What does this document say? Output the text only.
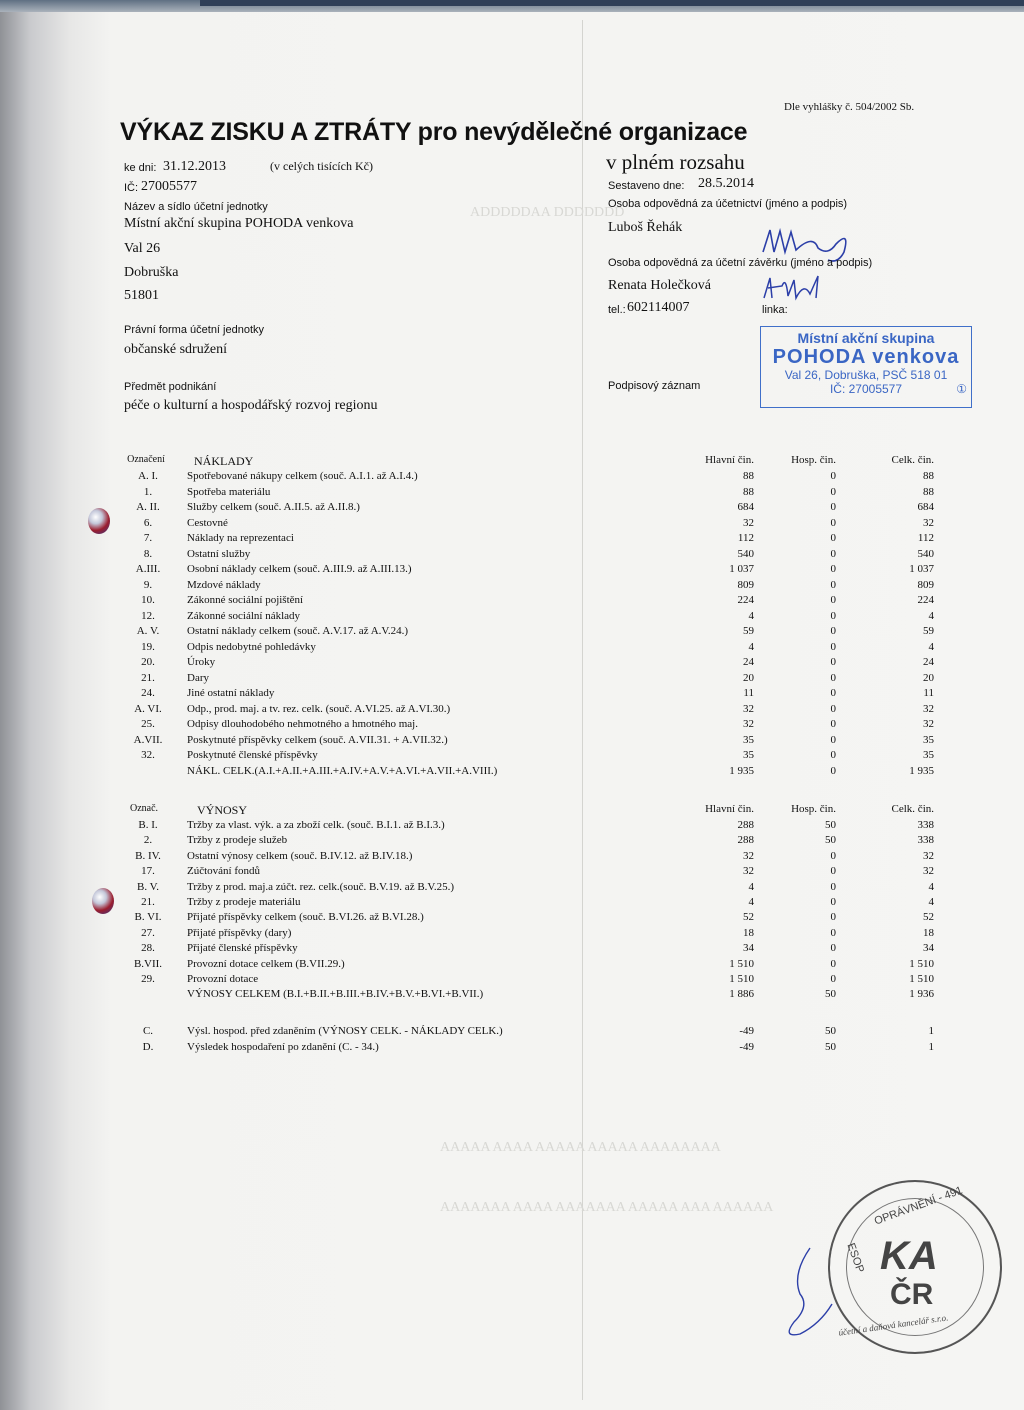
Dle vyhlášky č. 504/2002 Sb.
VÝKAZ ZISKU A ZTRÁTY pro nevýdělečné organizace
v plném rozsahu
ke dni: 31.12.2013	(v celých tisících Kč)
IČ: 27005577
Název a sídlo účetní jednotky
Místní akční skupina POHODA venkova
Val 26
Dobruška
51801
Právní forma účetní jednotky
občanské sdružení
Předmět podnikání
péče o kulturní a hospodářský rozvoj regionu
Sestaveno dne: 28.5.2014
Osoba odpovědná za účetnictví (jméno a podpis)
Luboš Řehák
Osoba odpovědná za účetní závěrku (jméno a podpis)
Renata Holečková
tel.: 602114007	linka:
Podpisový záznam
Místní akční skupina
POHODA venkova
Val 26, Dobruška, PSČ 518 01
IČ: 27005577	①
Označení	NÁKLADY	Hlavní čin.	Hosp. čin.	Celk. čin.
A. I.	Spotřebované nákupy celkem (souč. A.I.1. až A.I.4.)	88	0	88
1.	Spotřeba materiálu	88	0	88
A. II.	Služby celkem (souč. A.II.5. až A.II.8.)	684	0	684
6.	Cestovné	32	0	32
7.	Náklady na reprezentaci	112	0	112
8.	Ostatní služby	540	0	540
A.III.	Osobní náklady celkem (souč. A.III.9. až A.III.13.)	1 037	0	1 037
9.	Mzdové náklady	809	0	809
10.	Zákonné sociální pojištění	224	0	224
12.	Zákonné sociální náklady	4	0	4
A. V.	Ostatní náklady celkem (souč. A.V.17. až A.V.24.)	59	0	59
19.	Odpis nedobytné pohledávky	4	0	4
20.	Úroky	24	0	24
21.	Dary	20	0	20
24.	Jiné ostatní náklady	11	0	11
A. VI.	Odp., prod. maj. a tv. rez. celk. (souč. A.VI.25. až A.VI.30.)	32	0	32
25.	Odpisy dlouhodobého nehmotného a hmotného maj.	32	0	32
A.VII.	Poskytnuté příspěvky celkem (souč. A.VII.31. + A.VII.32.)	35	0	35
32.	Poskytnuté členské příspěvky	35	0	35
NÁKL. CELK.(A.I.+A.II.+A.III.+A.IV.+A.V.+A.VI.+A.VII.+A.VIII.)	1 935	0	1 935
Označ.	VÝNOSY	Hlavní čin.	Hosp. čin.	Celk. čin.
B. I.	Tržby za vlast. výk. a za zboží celk. (souč. B.I.1. až B.I.3.)	288	50	338
2.	Tržby z prodeje služeb	288	50	338
B. IV.	Ostatní výnosy celkem (souč. B.IV.12. až B.IV.18.)	32	0	32
17.	Zúčtování fondů	32	0	32
B. V.	Tržby z prod. maj.a zúčt. rez. celk.(souč. B.V.19. až B.V.25.)	4	0	4
21.	Tržby z prodeje materiálu	4	0	4
B. VI.	Přijaté příspěvky celkem (souč. B.VI.26. až B.VI.28.)	52	0	52
27.	Přijaté příspěvky (dary)	18	0	18
28.	Přijaté členské příspěvky	34	0	34
B.VII.	Provozní dotace celkem (B.VII.29.)	1 510	0	1 510
29.	Provozní dotace	1 510	0	1 510
VÝNOSY CELKEM (B.I.+B.II.+B.III.+B.IV.+B.V.+B.VI.+B.VII.)	1 886	50	1 936
C.	Výsl. hospod. před zdaněním (VÝNOSY CELK. - NÁKLADY CELK.)	-49	50	1
D.	Výsledek hospodaření po zdanění (C. - 34.)	-49	50	1
ADDDDDAA DDDDDDD
AAAAA AAAA AAAAA AAAAA AAAAAAAA
AAAAAAA AAAA AAAAAAA AAAAA AAA AAAAAA	OPRÁVNĚNÍ - 491
ESOP KA
ČR
účetní a daňová kancelář s.r.o.
